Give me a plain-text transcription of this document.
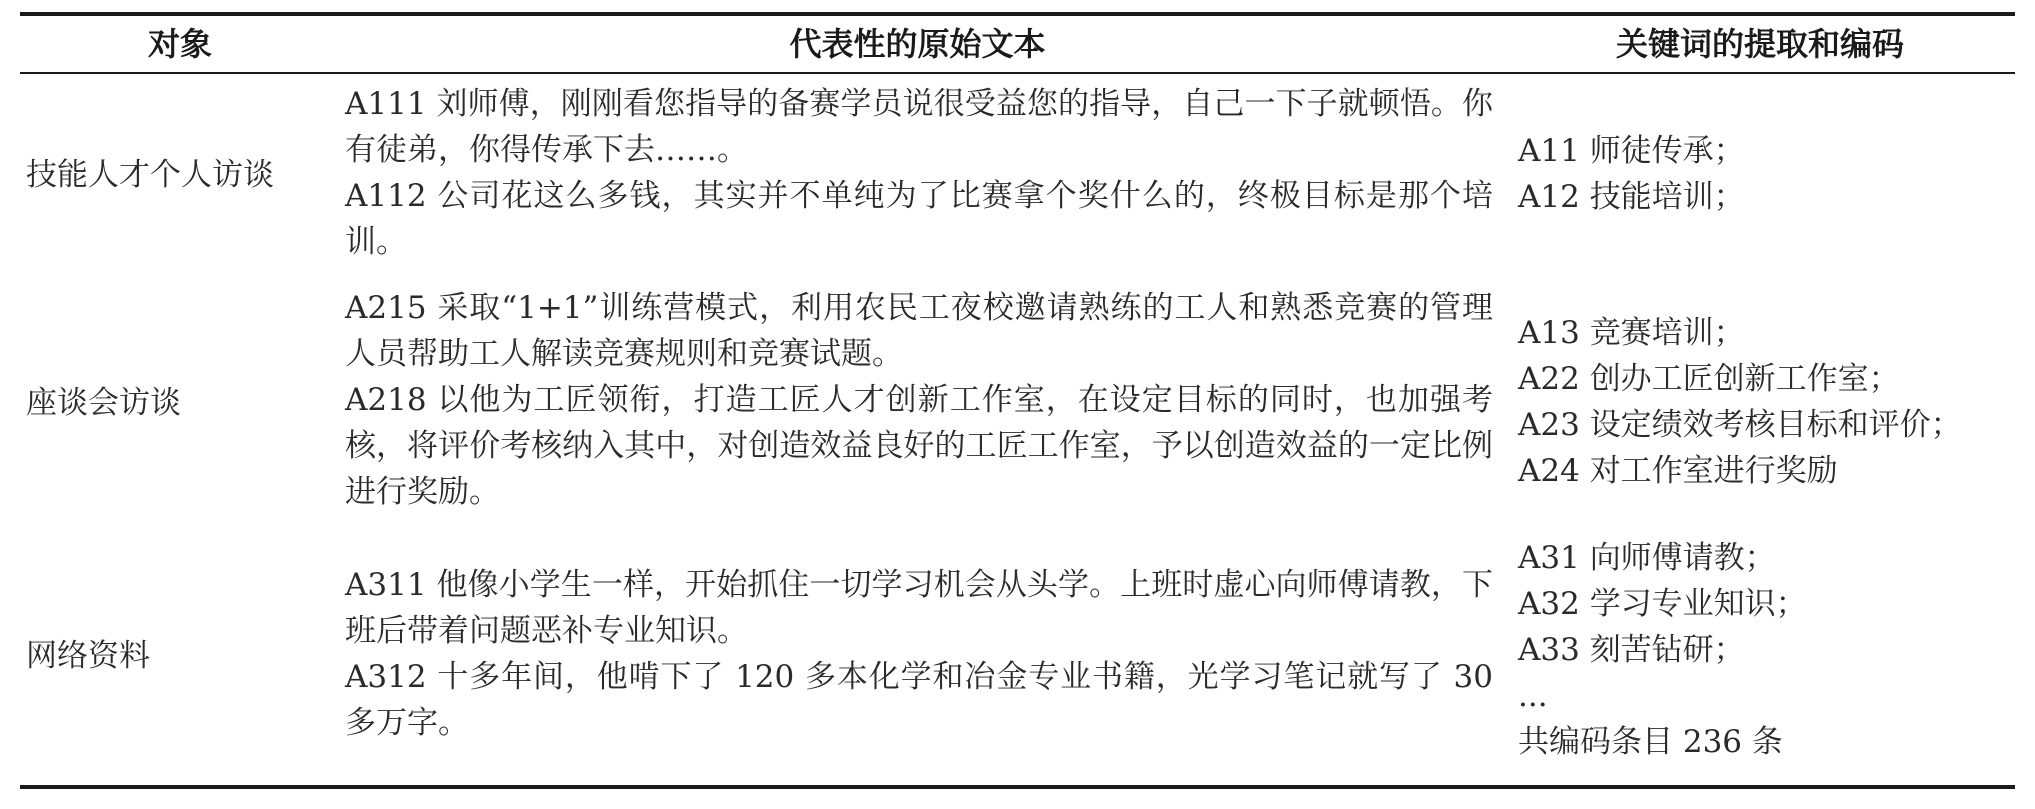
对象	代表性的原始文本	关键词的提取和编码
技能人才个人访谈

A111 刘师傅，刚刚看您指导的备赛学员说很受益您的指导，自己一下子就顿悟。你有徒弟，你得传承下去……。

A112 公司花这么多钱，其实并不单纯为了比赛拿个奖什么的，终极目标是那个培训。

A11 师徒传承；
A12 技能培训；
座谈会访谈

A215 采取“1+1”训练营模式，利用农民工夜校邀请熟练的工人和熟悉竞赛的管理人员帮助工人解读竞赛规则和竞赛试题。

A218 以他为工匠领衔，打造工匠人才创新工作室，在设定目标的同时，也加强考核，将评价考核纳入其中，对创造效益良好的工匠工作室，予以创造效益的一定比例进行奖励。

A13 竞赛培训；
A22 创办工匠创新工作室；
A23 设定绩效考核目标和评价；
A24 对工作室进行奖励
网络资料

A311 他像小学生一样，开始抓住一切学习机会从头学。上班时虚心向师傅请教，下班后带着问题恶补专业知识。

A312 十多年间，他啃下了 120 多本化学和冶金专业书籍，光学习笔记就写了 30 多万字。

A31 向师傅请教；
A32 学习专业知识；
A33 刻苦钻研；
...
共编码条目 236 条
